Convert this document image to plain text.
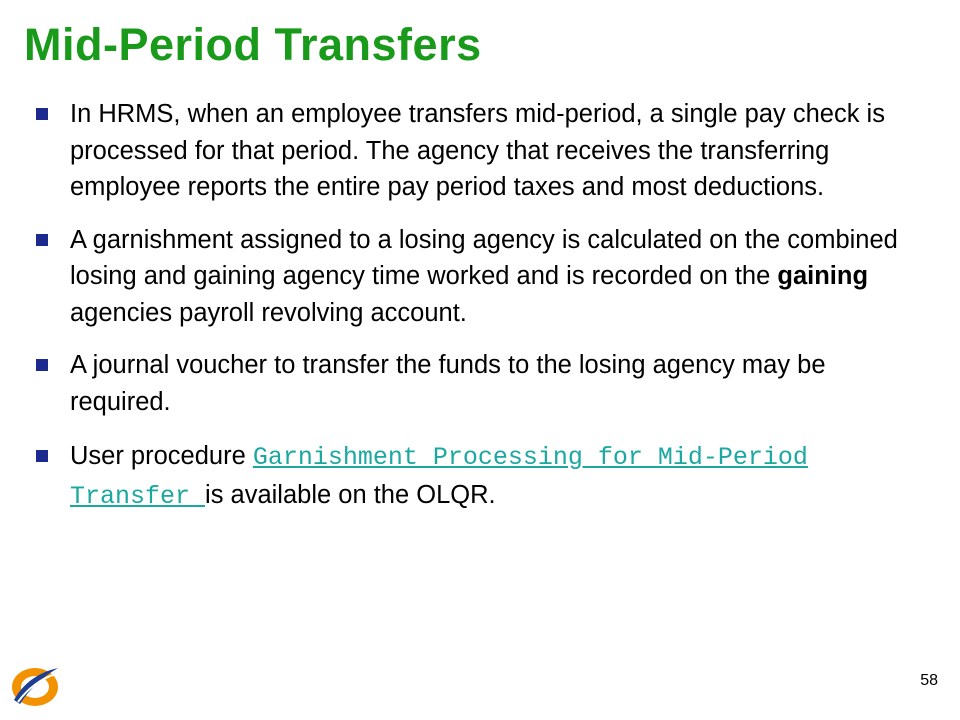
Mid-Period Transfers
In HRMS, when an employee transfers mid-period, a single pay check is processed for that period. The agency that receives the transferring employee reports the entire pay period taxes and most deductions.
A garnishment assigned to a losing agency is calculated on the combined losing and gaining agency time worked and is recorded on the gaining agencies payroll revolving account.
A journal voucher to transfer the funds to the losing agency may be required.
User procedure Garnishment Processing for Mid-Period Transfer is available on the OLQR.
58
